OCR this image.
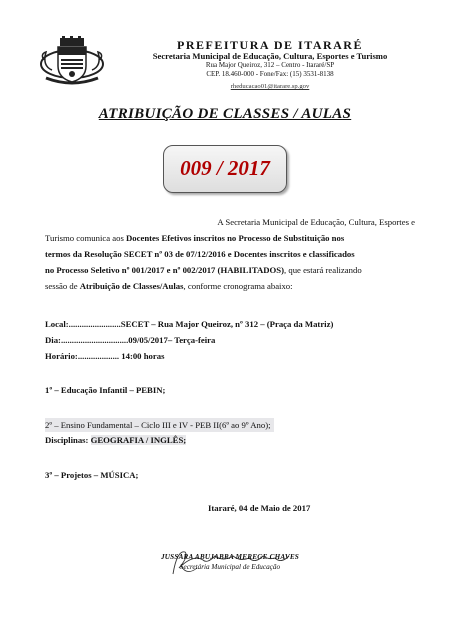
PREFEITURA DE ITARARÉ
Secretaria Municipal de Educação, Cultura, Esportes e Turismo
Rua Major Queiroz, 312 – Centro - Itararé/SP
CEP. 18.460-000 - Fone/Fax: (15) 3531-8138
rheducacao01@itarare.sp.gov
ATRIBUIÇÃO DE CLASSES / AULAS
009 / 2017
A Secretaria Municipal de Educação, Cultura, Esportes e
Turismo comunica aos Docentes Efetivos inscritos no Processo de Substituição nos
termos da Resolução SECET nº 03 de 07/12/2016 e Docentes inscritos e classificados
no Processo Seletivo nº 001/2017 e nº 002/2017 (HABILITADOS), que estará realizando
sessão de Atribuição de Classes/Aulas, conforme cronograma abaixo:
Local:........................SECET – Rua Major Queiroz, nº 312 – (Praça da Matriz)
Dia:...............................09/05/2017– Terça-feira
Horário:................... 14:00 horas
1º – Educação Infantil – PEBIN;
2º – Ensino Fundamental – Ciclo III e IV - PEB II(6º ao 9º Ano);
Disciplinas: GEOGRAFIA / INGLÊS;
3º – Projetos – MÚSICA;
Itararé, 04 de Maio de 2017
JUSSARA ABUJABRA MEREGE CHAVES
Secretária Municipal de Educação
